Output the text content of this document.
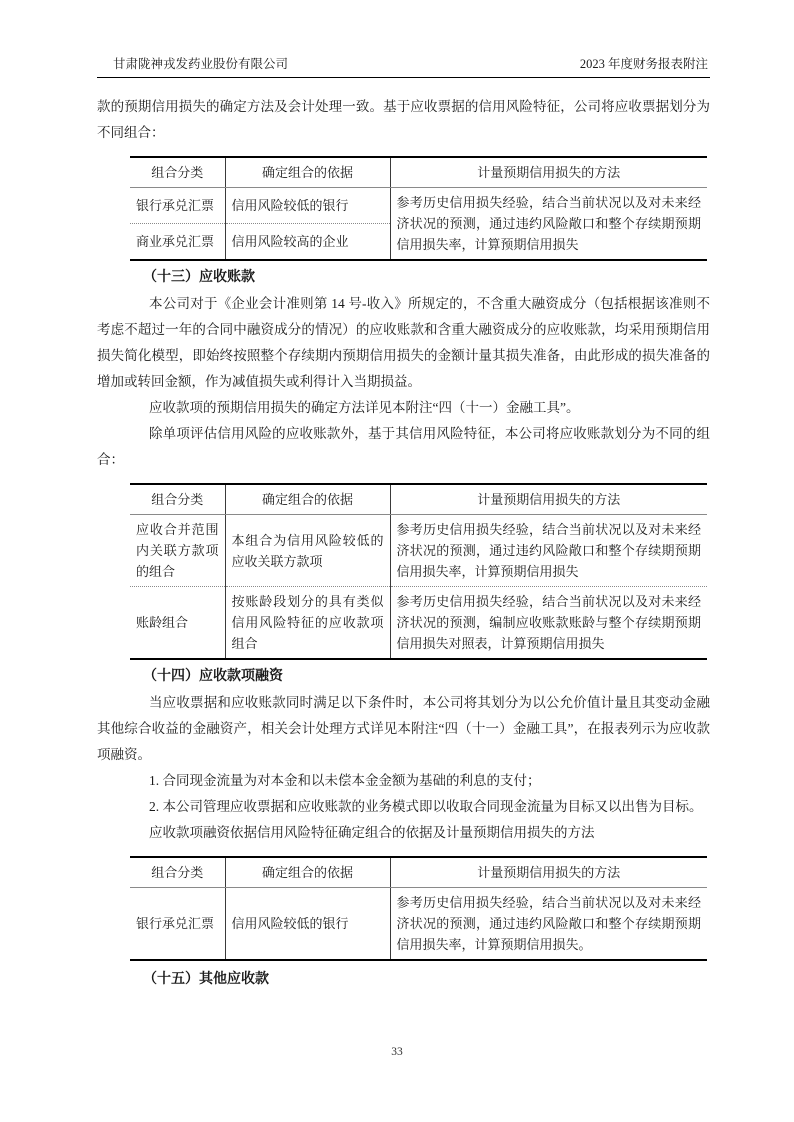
甘肃陇神戎发药业股份有限公司	2023 年度财务报表附注

款的预期信用损失的确定方法及会计处理一致。基于应收票据的信用风险特征，公司将应收票据划分为不同组合：

组合分类	确定组合的依据	计量预期信用损失的方法
银行承兑汇票	信用风险较低的银行	参考历史信用损失经验，结合当前状况以及对未来经济状况的预测，通过违约风险敞口和整个存续期预期信用损失率，计算预期信用损失
商业承兑汇票	信用风险较高的企业	
（十三）应收账款

本公司对于《企业会计准则第 14 号-收入》所规定的，不含重大融资成分（包括根据该准则不考虑不超过一年的合同中融资成分的情况）的应收账款和含重大融资成分的应收账款，均采用预期信用损失简化模型，即始终按照整个存续期内预期信用损失的金额计量其损失准备，由此形成的损失准备的增加或转回金额，作为减值损失或利得计入当期损益。

应收款项的预期信用损失的确定方法详见本附注“四（十一）金融工具”。

除单项评估信用风险的应收账款外，基于其信用风险特征，本公司将应收账款划分为不同的组合：

组合分类	确定组合的依据	计量预期信用损失的方法
应收合并范围内关联方款项的组合	本组合为信用风险较低的应收关联方款项	参考历史信用损失经验，结合当前状况以及对未来经济状况的预测，通过违约风险敞口和整个存续期预期信用损失率，计算预期信用损失
账龄组合	按账龄段划分的具有类似信用风险特征的应收款项组合	参考历史信用损失经验，结合当前状况以及对未来经济状况的预测，编制应收账款账龄与整个存续期预期信用损失对照表，计算预期信用损失
（十四）应收款项融资

当应收票据和应收账款同时满足以下条件时，本公司将其划分为以公允价值计量且其变动金融其他综合收益的金融资产，相关会计处理方式详见本附注“四（十一）金融工具”，在报表列示为应收款项融资。

1. 合同现金流量为对本金和以未偿本金金额为基础的利息的支付；

2. 本公司管理应收票据和应收账款的业务模式即以收取合同现金流量为目标又以出售为目标。

应收款项融资依据信用风险特征确定组合的依据及计量预期信用损失的方法

组合分类	确定组合的依据	计量预期信用损失的方法
银行承兑汇票	信用风险较低的银行	参考历史信用损失经验，结合当前状况以及对未来经济状况的预测，通过违约风险敞口和整个存续期预期信用损失率，计算预期信用损失。
（十五）其他应收款
33
